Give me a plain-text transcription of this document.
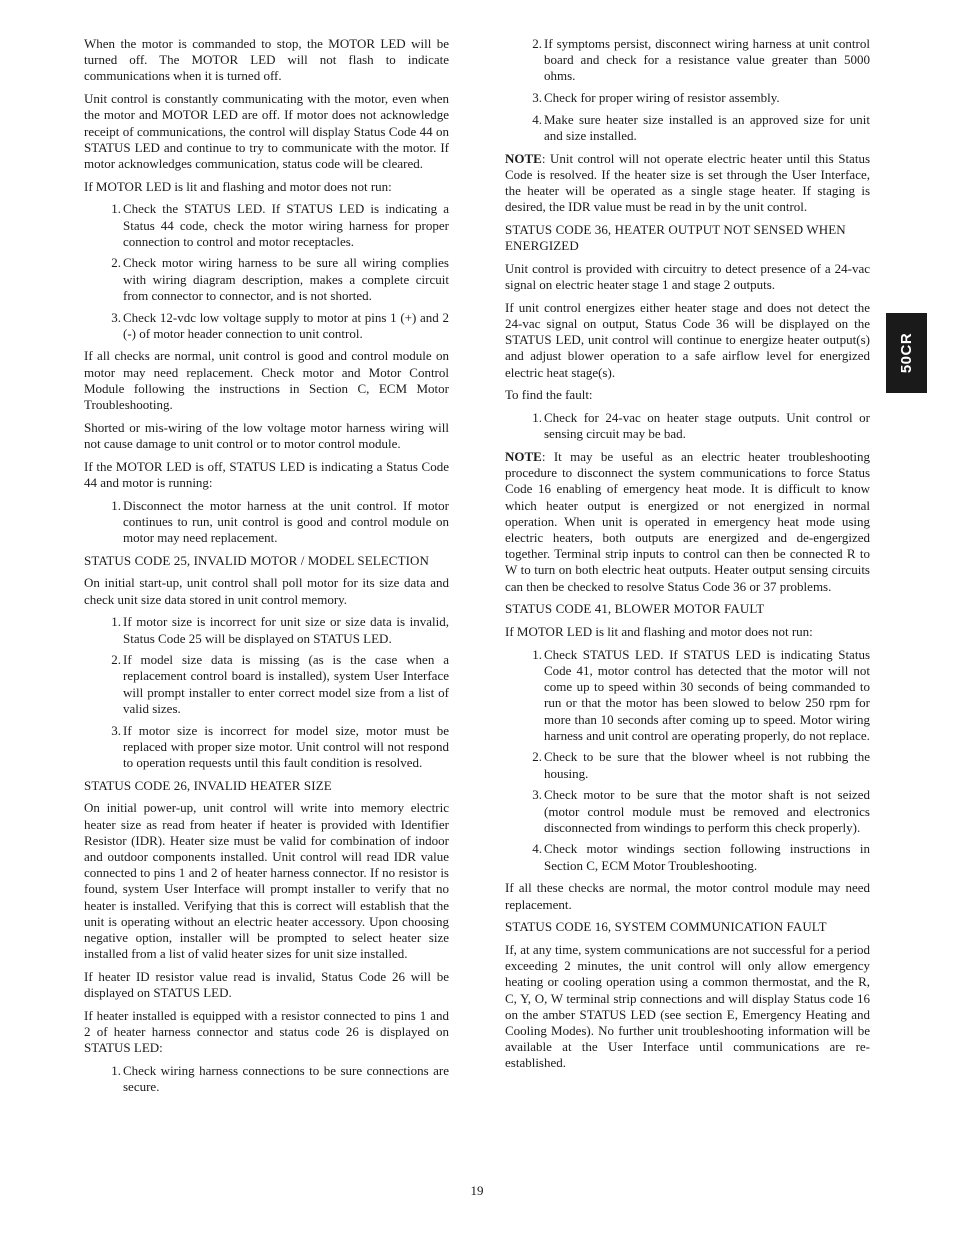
50CR

When the motor is commanded to stop, the MOTOR LED will be turned off. The MOTOR LED will not flash to indicate communications when it is turned off.

Unit control is constantly communicating with the motor, even when the motor and MOTOR LED are off. If motor does not acknowledge receipt of communications, the control will display Status Code 44 on STATUS LED and continue to try to communicate with the motor. If motor acknowledges communication, status code will be cleared.

If MOTOR LED is lit and flashing and motor does not run:

1. Check the STATUS LED. If STATUS LED is indicating a Status 44 code, check the motor wiring harness for proper connection to control and motor receptacles.
2. Check motor wiring harness to be sure all wiring complies with wiring diagram description, makes a complete circuit from connector to connector, and is not shorted.
3. Check 12-vdc low voltage supply to motor at pins 1 (+) and 2 (-) of motor header connection to unit control.

If all checks are normal, unit control is good and control module on motor may need replacement. Check motor and Motor Control Module following the instructions in Section C, ECM Motor Troubleshooting.

Shorted or mis-wiring of the low voltage motor harness wiring will not cause damage to unit control or to motor control module.

If the MOTOR LED is off, STATUS LED is indicating a Status Code 44 and motor is running:

1. Disconnect the motor harness at the unit control. If motor continues to run, unit control is good and control module on motor may need replacement.
STATUS CODE 25, INVALID MOTOR / MODEL SELECTION

On initial start-up, unit control shall poll motor for its size data and check unit size data stored in unit control memory.

1. If motor size is incorrect for unit size or size data is invalid, Status Code 25 will be displayed on STATUS LED.
2. If model size data is missing (as is the case when a replacement control board is installed), system User Interface will prompt installer to enter correct model size from a list of valid sizes.
3. If motor size is incorrect for model size, motor must be replaced with proper size motor. Unit control will not respond to operation requests until this fault condition is resolved.
STATUS CODE 26, INVALID HEATER SIZE

On initial power-up, unit control will write into memory electric heater size as read from heater if heater is provided with Identifier Resistor (IDR). Heater size must be valid for combination of indoor and outdoor components installed. Unit control will read IDR value connected to pins 1 and 2 of heater harness connector. If no resistor is found, system User Interface will prompt installer to verify that no heater is installed. Verifying that this is correct will establish that the unit is operating without an electric heater accessory. Upon choosing negative option, installer will be prompted to select heater size installed from a list of valid heater sizes for unit size installed.

If heater ID resistor value read is invalid, Status Code 26 will be displayed on STATUS LED.

If heater installed is equipped with a resistor connected to pins 1 and 2 of heater harness connector and status code 26 is displayed on STATUS LED:

1. Check wiring harness connections to be sure connections are secure.
2. If symptoms persist, disconnect wiring harness at unit control board and check for a resistance value greater than 5000 ohms.
3. Check for proper wiring of resistor assembly.
4. Make sure heater size installed is an approved size for unit and size installed.

NOTE: Unit control will not operate electric heater until this Status Code is resolved. If the heater size is set through the User Interface, the heater will be operated as a single stage heater. If staging is desired, the IDR value must be read in by the unit control.

STATUS CODE 36, HEATER OUTPUT NOT SENSED WHEN ENERGIZED

Unit control is provided with circuitry to detect presence of a 24-vac signal on electric heater stage 1 and stage 2 outputs.

If unit control energizes either heater stage and does not detect the 24-vac signal on output, Status Code 36 will be displayed on the STATUS LED, unit control will continue to energize heater output(s) and adjust blower operation to a safe airflow level for energized electric heat stage(s).

To find the fault:

1. Check for 24-vac on heater stage outputs. Unit control or sensing circuit may be bad.

NOTE: It may be useful as an electric heater troubleshooting procedure to disconnect the system communications to force Status Code 16 enabling of emergency heat mode. It is difficult to know which heater output is energized or not energized in normal operation. When unit is operated in emergency heat mode using electric heaters, both outputs are energized and de-engergized together. Terminal strip inputs to control can then be connected R to W to turn on both electric heat outputs. Heater output sensing circuits can then be checked to resolve Status Code 36 or 37 problems.

STATUS CODE 41, BLOWER MOTOR FAULT

If MOTOR LED is lit and flashing and motor does not run:

1. Check STATUS LED. If STATUS LED is indicating Status Code 41, motor control has detected that the motor will not come up to speed within 30 seconds of being commanded to run or that the motor has been slowed to below 250 rpm for more than 10 seconds after coming up to speed. Motor wiring harness and unit control are operating properly, do not replace.
2. Check to be sure that the blower wheel is not rubbing the housing.
3. Check motor to be sure that the motor shaft is not seized (motor control module must be removed and electronics disconnected from windings to perform this check properly).
4. Check motor windings section following instructions in Section C, ECM Motor Troubleshooting.

If all these checks are normal, the motor control module may need replacement.

STATUS CODE 16, SYSTEM COMMUNICATION FAULT

If, at any time, system communications are not successful for a period exceeding 2 minutes, the unit control will only allow emergency heating or cooling operation using a common thermostat, and the R, C, Y, O, W terminal strip connections and will display Status code 16 on the amber STATUS LED (see section E, Emergency Heating and Cooling Modes). No further unit troubleshooting information will be available at the User Interface until communications are re-established.

19
